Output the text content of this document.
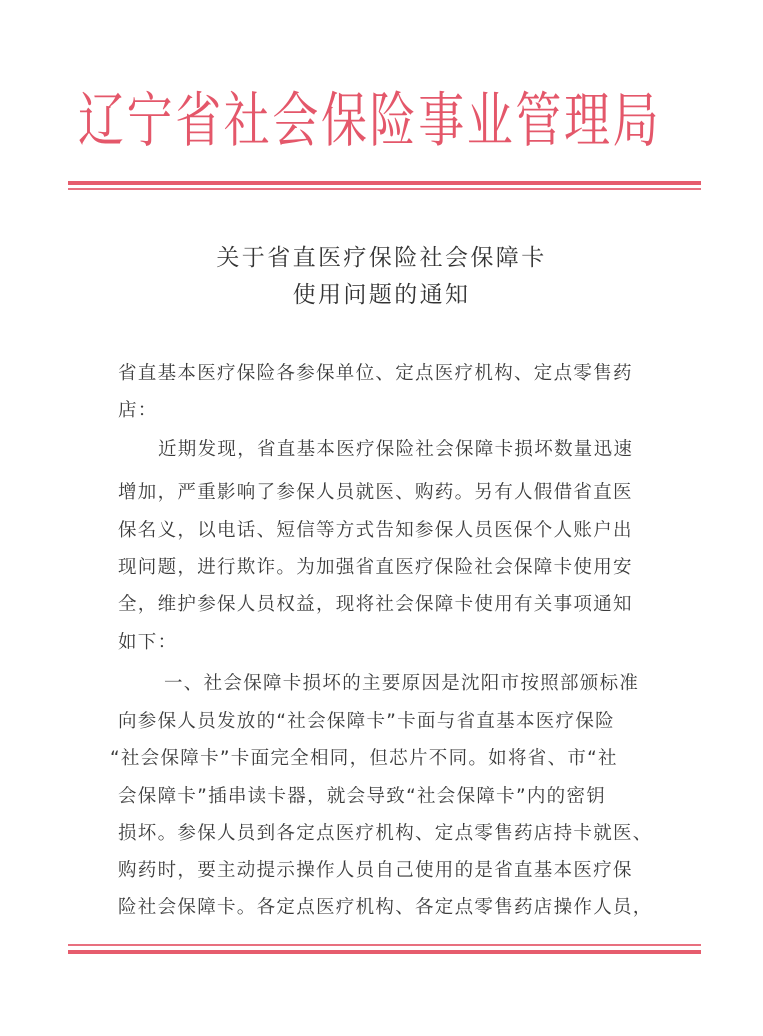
辽宁省社会保险事业管理局
关于省直医疗保险社会保障卡
使用问题的通知
省直基本医疗保险各参保单位、定点医疗机构、定点零售药
店：
近期发现，省直基本医疗保险社会保障卡损坏数量迅速
增加，严重影响了参保人员就医、购药。另有人假借省直医
保名义，以电话、短信等方式告知参保人员医保个人账户出
现问题，进行欺诈。为加强省直医疗保险社会保障卡使用安
全，维护参保人员权益，现将社会保障卡使用有关事项通知
如下：
一、社会保障卡损坏的主要原因是沈阳市按照部颁标准
向参保人员发放的“社会保障卡”卡面与省直基本医疗保险
“社会保障卡”卡面完全相同，但芯片不同。如将省、市“社
会保障卡”插串读卡器，就会导致“社会保障卡”内的密钥
损坏。参保人员到各定点医疗机构、定点零售药店持卡就医、
购药时，要主动提示操作人员自己使用的是省直基本医疗保
险社会保障卡。各定点医疗机构、各定点零售药店操作人员，
